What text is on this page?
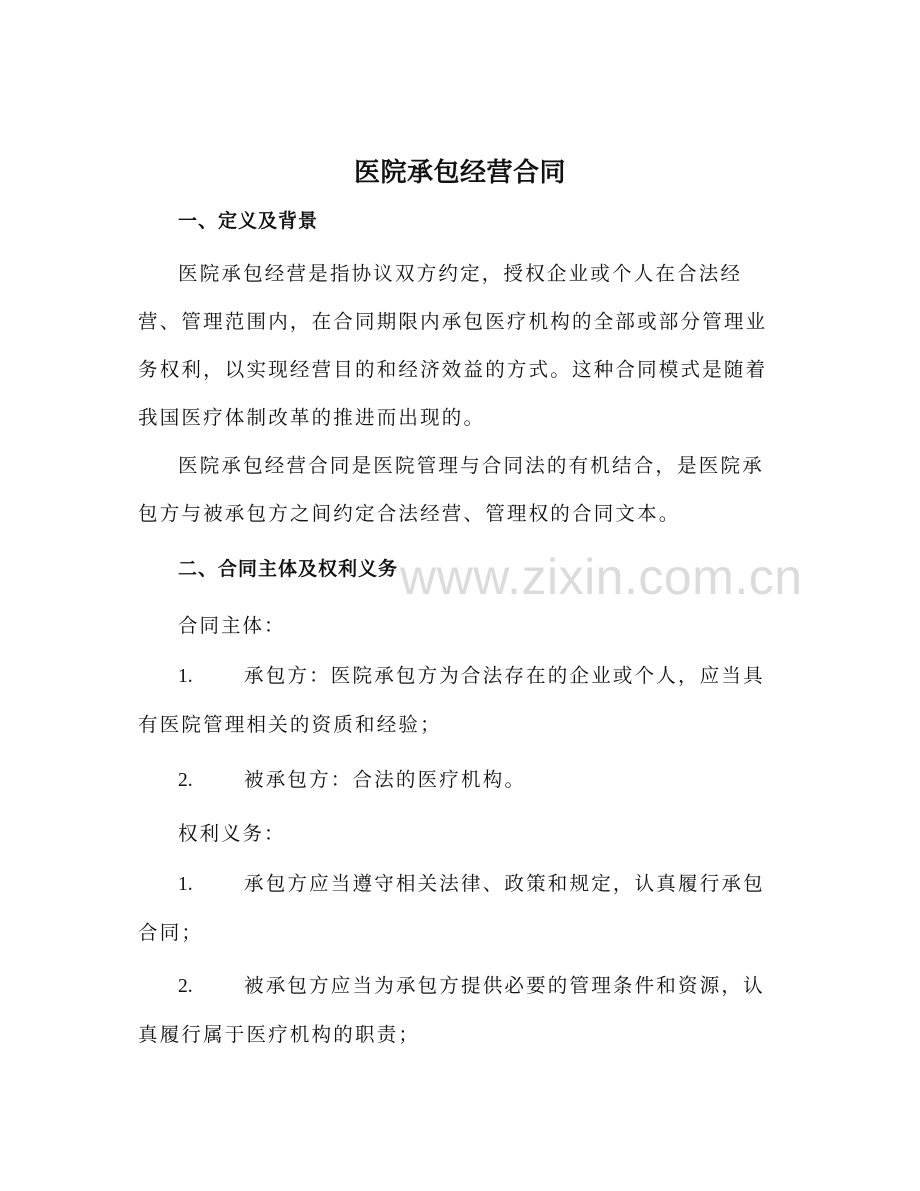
www.zixin.com.cn
医院承包经营合同
一、定义及背景

医院承包经营是指协议双方约定，授权企业或个人在合法经营、管理范围内，在合同期限内承包医疗机构的全部或部分管理业务权利，以实现经营目的和经济效益的方式。这种合同模式是随着我国医疗体制改革的推进而出现的。

医院承包经营合同是医院管理与合同法的有机结合，是医院承包方与被承包方之间约定合法经营、管理权的合同文本。

二、合同主体及权利义务

合同主体：

1.	承包方：医院承包方为合法存在的企业或个人，应当具有医院管理相关的资质和经验；

2.	被承包方：合法的医疗机构。

权利义务：

1.	承包方应当遵守相关法律、政策和规定，认真履行承包合同；

2.	被承包方应当为承包方提供必要的管理条件和资源，认真履行属于医疗机构的职责；
